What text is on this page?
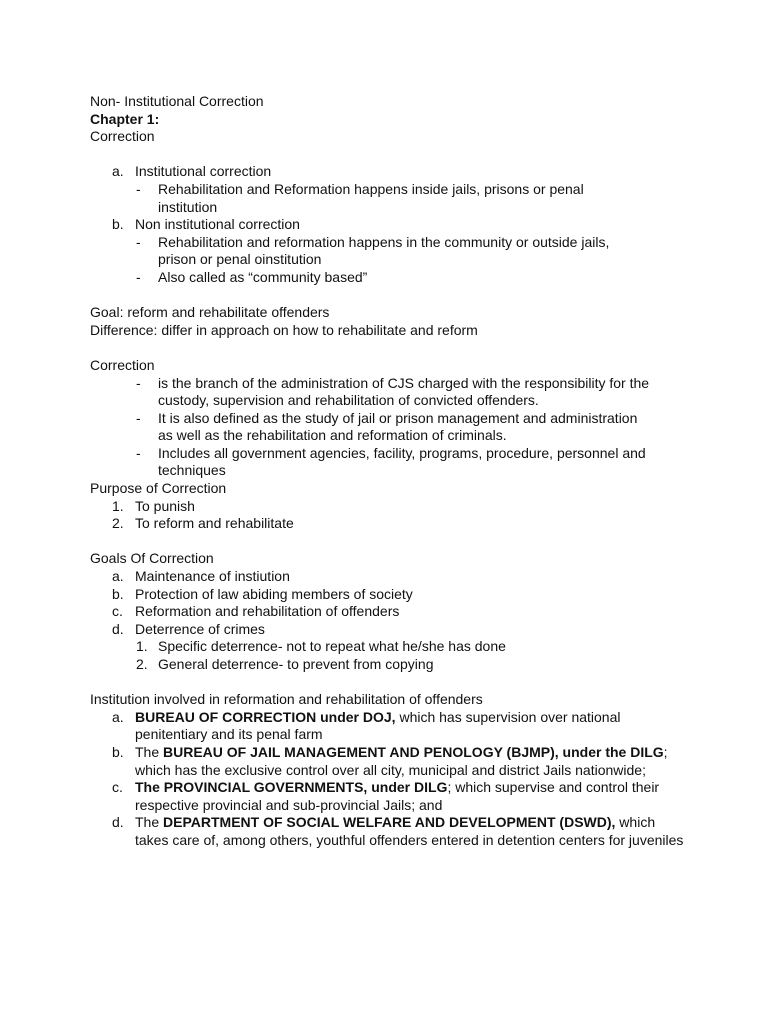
Non- Institutional Correction
Chapter 1:
Correction
a. Institutional correction
- Rehabilitation and Reformation happens inside jails, prisons or penal institution
b. Non institutional correction
- Rehabilitation and reformation happens in the community or outside jails, prison or penal oinstitution
- Also called as “community based”
Goal: reform and rehabilitate offenders
Difference: differ in approach on how to rehabilitate and reform
Correction
- is the branch of the administration of CJS charged with the responsibility for the custody, supervision and rehabilitation of convicted offenders.
- It is also defined as the study of jail or prison management and administration as well as the rehabilitation and reformation of criminals.
- Includes all government agencies, facility, programs, procedure, personnel and techniques
Purpose of Correction
1. To punish
2. To reform and rehabilitate
Goals Of Correction
a. Maintenance of instiution
b. Protection of law abiding members of society
c. Reformation and rehabilitation of offenders
d. Deterrence of crimes
1. Specific deterrence- not to repeat what he/she has done
2. General deterrence- to prevent from copying
Institution involved in reformation and rehabilitation of offenders
a. BUREAU OF CORRECTION under DOJ, which has supervision over national penitentiary and its penal farm
b. The BUREAU OF JAIL MANAGEMENT AND PENOLOGY (BJMP), under the DILG; which has the exclusive control over all city, municipal and district Jails nationwide;
c. The PROVINCIAL GOVERNMENTS, under DILG; which supervise and control their respective provincial and sub-provincial Jails; and
d. The DEPARTMENT OF SOCIAL WELFARE AND DEVELOPMENT (DSWD), which takes care of, among others, youthful offenders entered in detention centers for juveniles
